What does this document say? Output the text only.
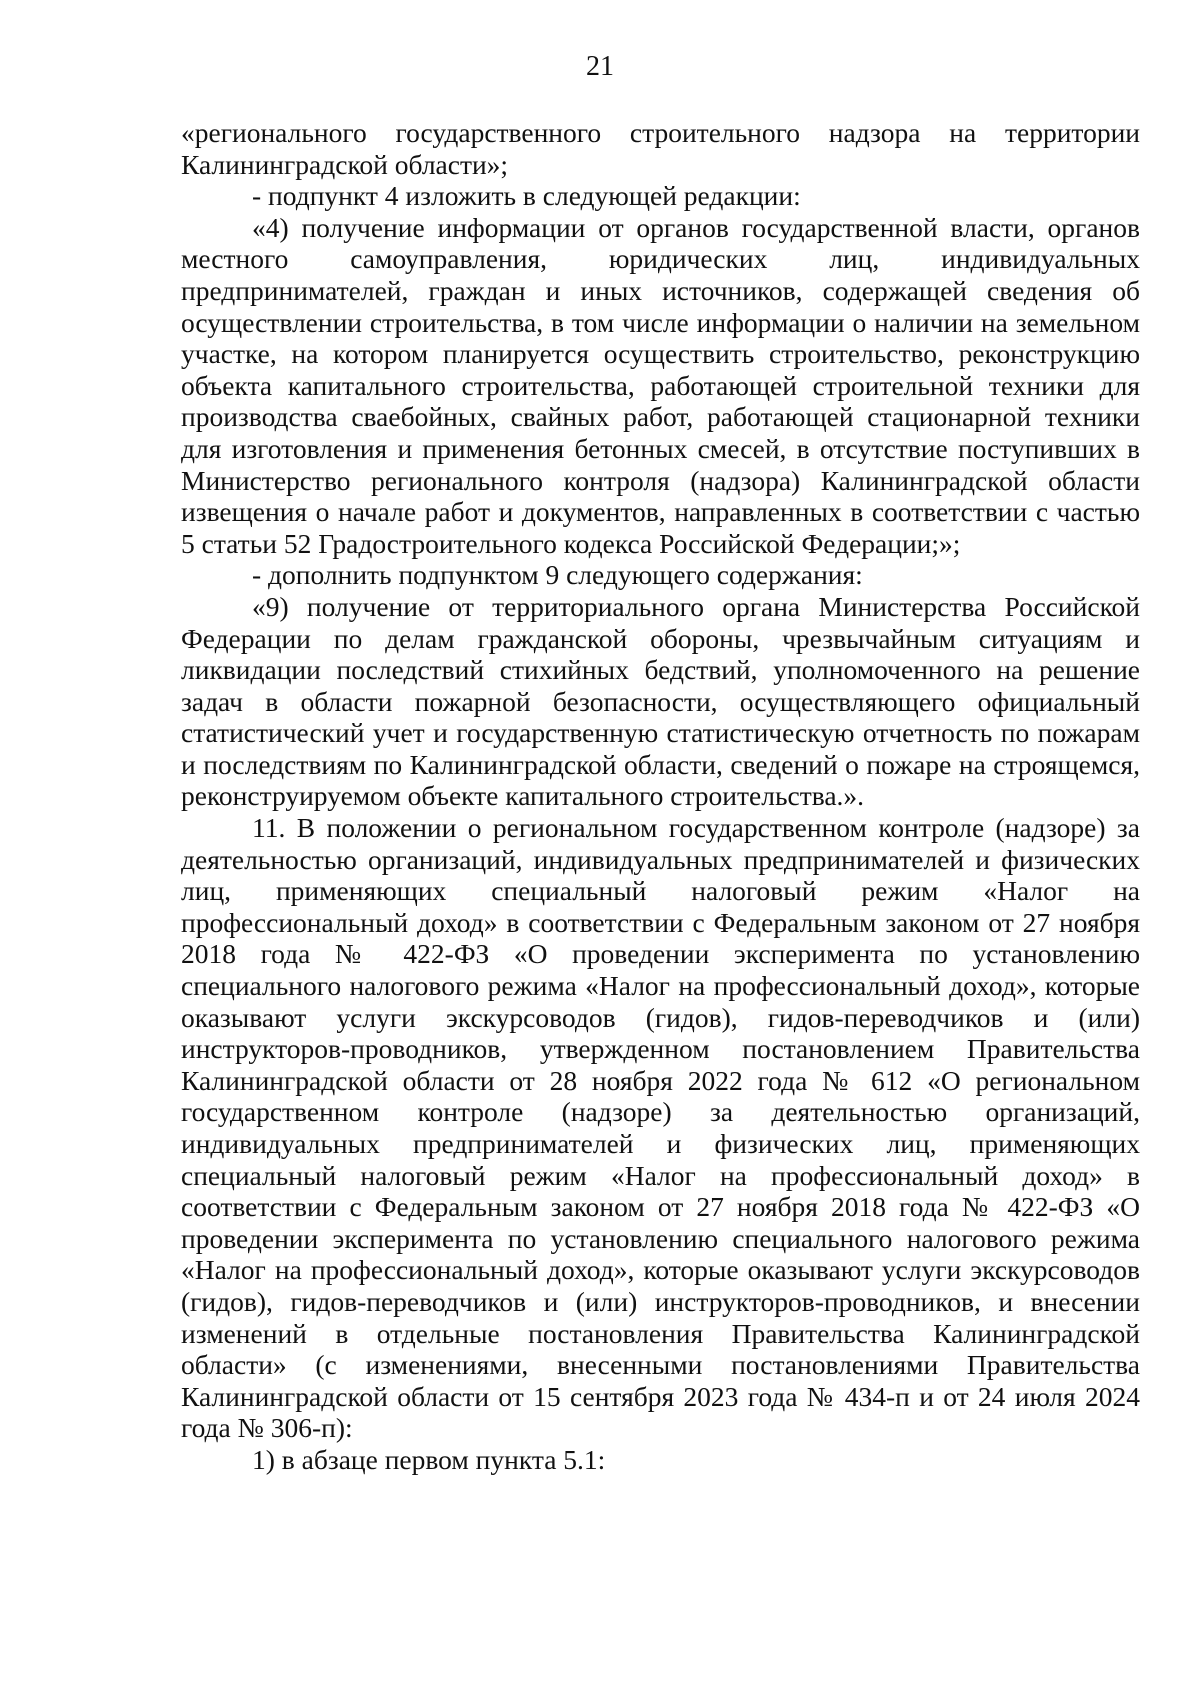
21

«регионального государственного строительного надзора на территории Калининградской области»;

- подпункт 4 изложить в следующей редакции:

«4) получение информации от органов государственной власти, органов местного самоуправления, юридических лиц, индивидуальных предпринимателей, граждан и иных источников, содержащей сведения об осуществлении строительства, в том числе информации о наличии на земельном участке, на котором планируется осуществить строительство, реконструкцию объекта капитального строительства, работающей строительной техники для производства сваебойных, свайных работ, работающей стационарной техники для изготовления и применения бетонных смесей, в отсутствие поступивших в Министерство регионального контроля (надзора) Калининградской области извещения о начале работ и документов, направленных в соответствии с частью 5 статьи 52 Градостроительного кодекса Российской Федерации;»;

- дополнить подпунктом 9 следующего содержания:

«9) получение от территориального органа Министерства Российской Федерации по делам гражданской обороны, чрезвычайным ситуациям и ликвидации последствий стихийных бедствий, уполномоченного на решение задач в области пожарной безопасности, осуществляющего официальный статистический учет и государственную статистическую отчетность по пожарам и последствиям по Калининградской области, сведений о пожаре на строящемся, реконструируемом объекте капитального строительства.».

11. В положении о региональном государственном контроле (надзоре) за деятельностью организаций, индивидуальных предпринимателей и физических лиц, применяющих специальный налоговый режим «Налог на профессиональный доход» в соответствии с Федеральным законом от 27 ноября 2018 года № 422-ФЗ «О проведении эксперимента по установлению специального налогового режима «Налог на профессиональный доход», которые оказывают услуги экскурсоводов (гидов), гидов-переводчиков и (или) инструкторов-проводников, утвержденном постановлением Правительства Калининградской области от 28 ноября 2022 года № 612 «О региональном государственном контроле (надзоре) за деятельностью организаций, индивидуальных предпринимателей и физических лиц, применяющих специальный налоговый режим «Налог на профессиональный доход» в соответствии с Федеральным законом от 27 ноября 2018 года № 422-ФЗ «О проведении эксперимента по установлению специального налогового режима «Налог на профессиональный доход», которые оказывают услуги экскурсоводов (гидов), гидов-переводчиков и (или) инструкторов-проводников, и внесении изменений в отдельные постановления Правительства Калининградской области» (с изменениями, внесенными постановлениями Правительства Калининградской области от 15 сентября 2023 года № 434-п и от 24 июля 2024 года № 306-п):

1) в абзаце первом пункта 5.1:
